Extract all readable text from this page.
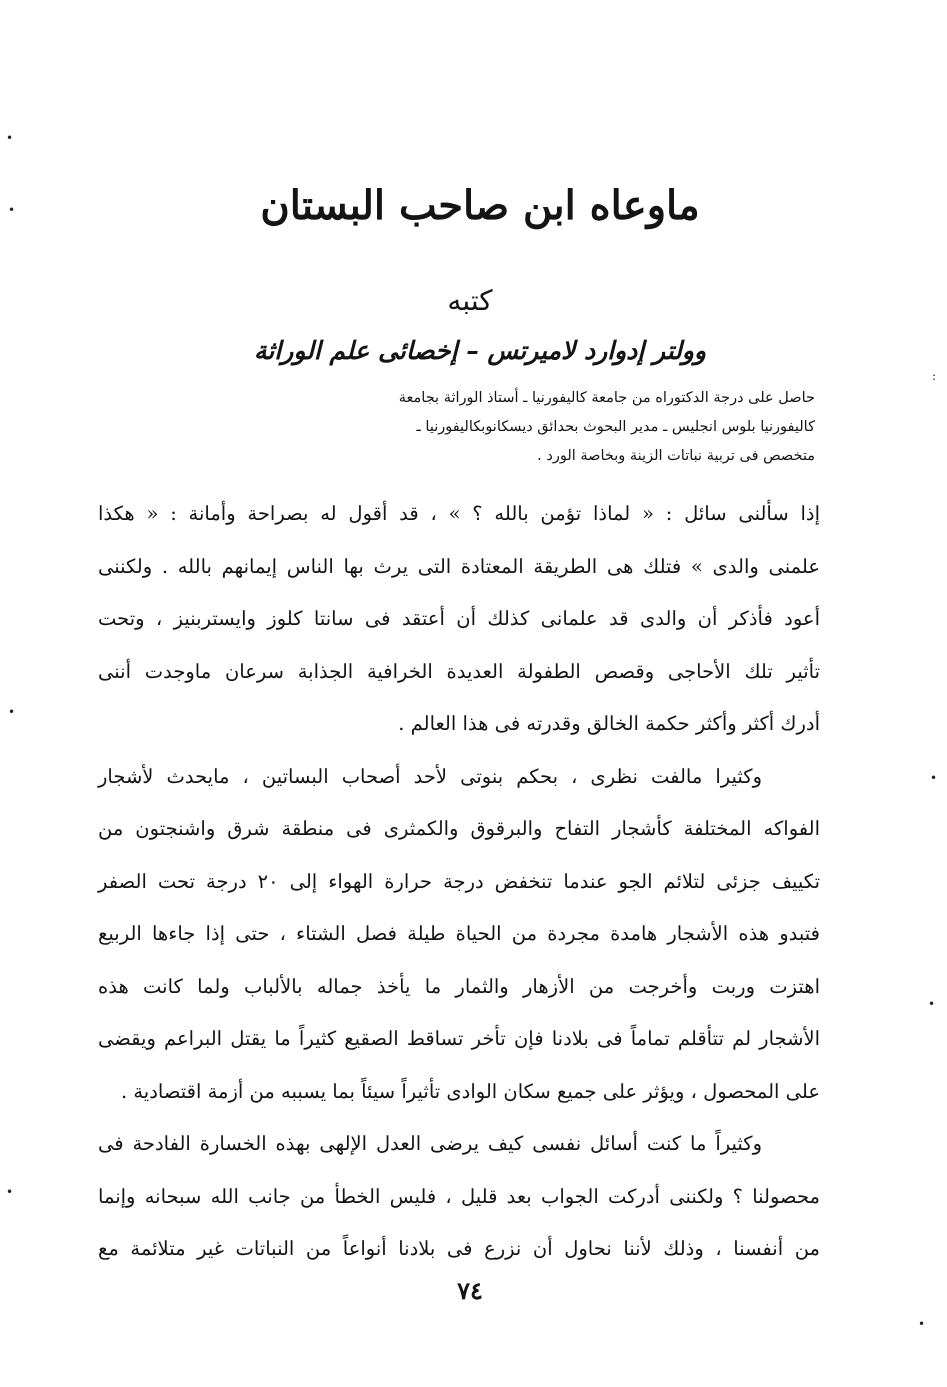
ماوعاه ابن صاحب البستان
كتبه
وولتر إدوارد لاميرتس – إخصائى علم الوراثة
حاصل على درجة الدكتوراه من جامعة كاليفورنيا ـ أستاذ الوراثة بجامعة
كاليفورنيا بلوس انجليس ـ مدير البحوث بحدائق ديسكانوبكاليفورنيا ـ
متخصص فى تربية نباتات الزينة وبخاصة الورد .
إذا سألنى سائل : « لماذا تؤمن بالله ؟ » ، قد أقول له بصراحة وأمانة : « هكذا
علمنى والدى » فتلك هى الطريقة المعتادة التى يرث بها الناس إيمانهم بالله . ولكننى
أعود فأذكر أن والدى قد علمانى كذلك أن أعتقد فى سانتا كلوز وايستربنيز ، وتحت
تأثير تلك الأحاجى وقصص الطفولة العديدة الخرافية الجذابة سرعان ماوجدت أننى
أدرك أكثر وأكثر حكمة الخالق وقدرته فى هذا العالم .
وكثيرا مالفت نظرى ، بحكم بنوتى لأحد أصحاب البساتين ، مايحدث لأشجار
الفواكه المختلفة كأشجار التفاح والبرقوق والكمثرى فى منطقة شرق واشنجتون من
تكييف جزئى لتلائم الجو عندما تنخفض درجة حرارة الهواء إلى ٢٠ درجة تحت الصفر
فتبدو هذه الأشجار هامدة مجردة من الحياة طيلة فصل الشتاء ، حتى إذا جاءها الربيع
اهتزت وربت وأخرجت من الأزهار والثمار ما يأخذ جماله بالألباب ولما كانت هذه
الأشجار لم تتأقلم تماماً فى بلادنا فإن تأخر تساقط الصقيع كثيراً ما يقتل البراعم ويقضى
على المحصول ، ويؤثر على جميع سكان الوادى تأثيراً سيئاً بما يسببه من أزمة اقتصادية .
وكثيراً ما كنت أسائل نفسى كيف يرضى العدل الإلهى بهذه الخسارة الفادحة فى
محصولنا ؟ ولكننى أدركت الجواب بعد قليل ، فليس الخطأ من جانب الله سبحانه وإنما
من أنفسنا ، وذلك لأننا نحاول أن نزرع فى بلادنا أنواعاً من النباتات غير متلائمة مع
٧٤
•
•
:
•
•
•
•
•
